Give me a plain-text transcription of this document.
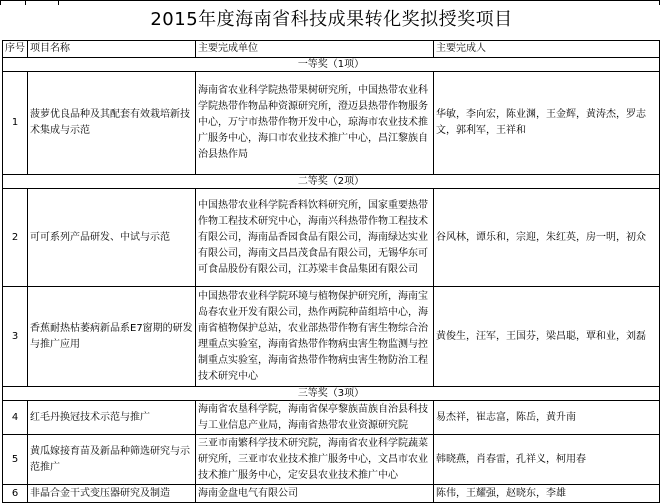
2015年度海南省科技成果转化奖拟授奖项目
序号	项目名称	主要完成单位	主要完成人
一等奖（1项）			
1	菠萝优良品种及其配套有效栽培新技术集成与示范	海南省农业科学院热带果树研究所，中国热带农业科学院热带作物品种资源研究所，澄迈县热带作物服务中心，万宁市热带作物开发中心，琼海市农业技术推广服务中心，海口市农业技术推广中心，昌江黎族自治县热作局	华敏，李向宏，陈业渊，王金辉，黄涛杰，罗志文，郭利军，王祥和
二等奖（2项）			
2	可可系列产品研发、中试与示范	中国热带农业科学院香料饮料研究所，国家重要热带作物工程技术研究中心，海南兴科热带作物工程技术有限公司，海南品香园食品有限公司，海南绿达实业有限公司，海南文昌昌茂食品有限公司，无锡华东可可食品股份有限公司，江苏梁丰食品集团有限公司	谷风林，谭乐和，宗迎，朱红英，房一明，初众
3	香蕉耐热枯萎病新品系E7窗期的研发与推广应用	中国热带农业科学院环境与植物保护研究所，海南宝岛春农业开发有限公司，热作两院种苗组培中心，海南省植物保护总站，农业部热带作物有害生物综合治理重点实验室，海南省热带作物病虫害生物监测与控制重点实验室，海南省热带作物病虫害生物防治工程技术研究中心	黄俊生，汪军，王国芬，梁昌聪，覃和业，刘磊
三等奖（3项）			
4	红毛丹换冠技术示范与推广	海南省农垦科学院，海南省保亭黎族苗族自治县科技与工业信息产业局，海南省热带农业资源研究院	易杰祥，崔志富，陈岳，黄升南
5	黄瓜嫁接育苗及新品种筛选研究与示范推广	三亚市南繁科学技术研究院，海南省农业科学院蔬菜研究所，三亚市农业技术推广服务中心，文昌市农业技术推广服务中心，定安县农业技术推广中心	韩晓燕，肖春雷，孔祥义，柯用春
6	非晶合金干式变压器研究及制造	海南金盘电气有限公司	陈伟，王耀强，赵晓东，李雄
